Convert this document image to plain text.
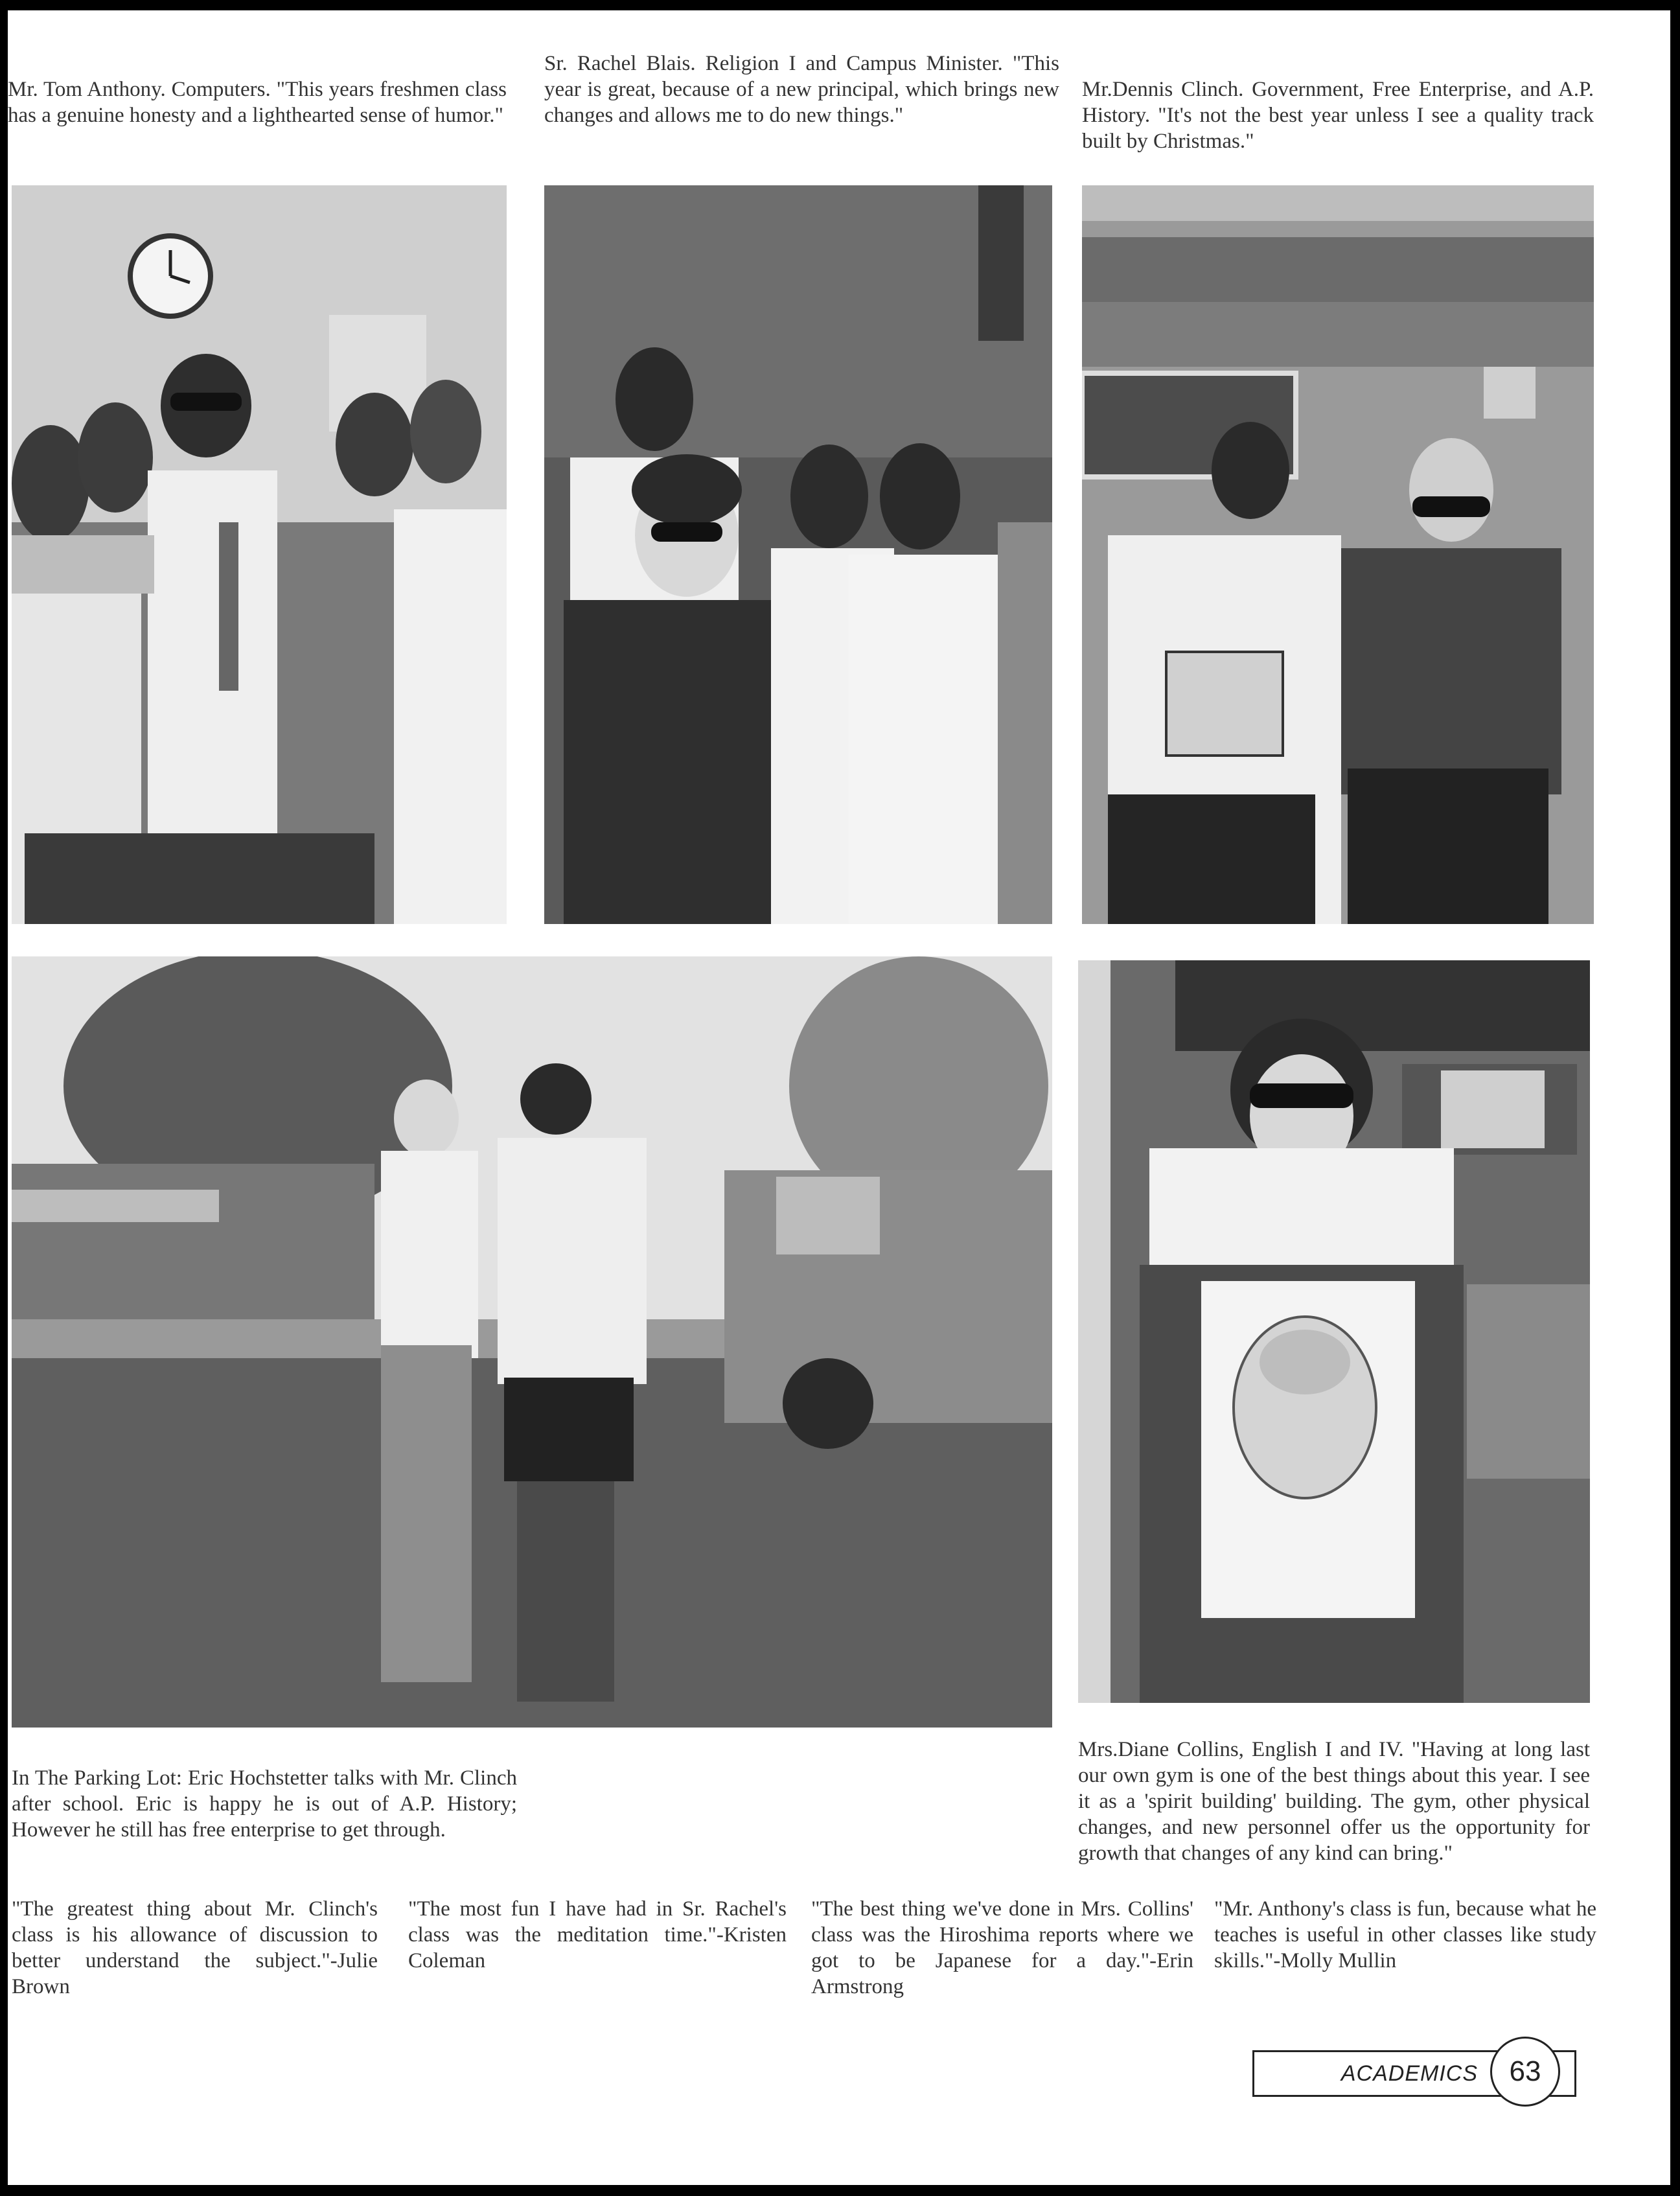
Mr. Tom Anthony. Computers. "This years freshmen class has a genuine honesty and a lighthearted sense of humor."

Sr. Rachel Blais. Religion I and Campus Minister. "This year is great, because of a new principal, which brings new changes and allows me to do new things."

Mr.Dennis Clinch. Government, Free Enterprise, and A.P. History. "It's not the best year unless I see a quality track built by Christmas."

In The Parking Lot: Eric Hochstetter talks with Mr. Clinch after school. Eric is happy he is out of A.P. History; However he still has free enterprise to get through.

Mrs.Diane Collins, English I and IV. "Having at long last our own gym is one of the best things about this year. I see it as a 'spirit building' building. The gym, other physical changes, and new personnel offer us the opportunity for growth that changes of any kind can bring."

"The greatest thing about Mr. Clinch's class is his allowance of discussion to better understand the subject."-Julie Brown

"The most fun I have had in Sr. Rachel's class was the meditation time."-Kristen Coleman

"The best thing we've done in Mrs. Collins' class was the Hiroshima reports where we got to be Japanese for a day."-Erin Armstrong

"Mr. Anthony's class is fun, because what he teaches is useful in other classes like study skills."-Molly Mullin

ACADEMICS	63
